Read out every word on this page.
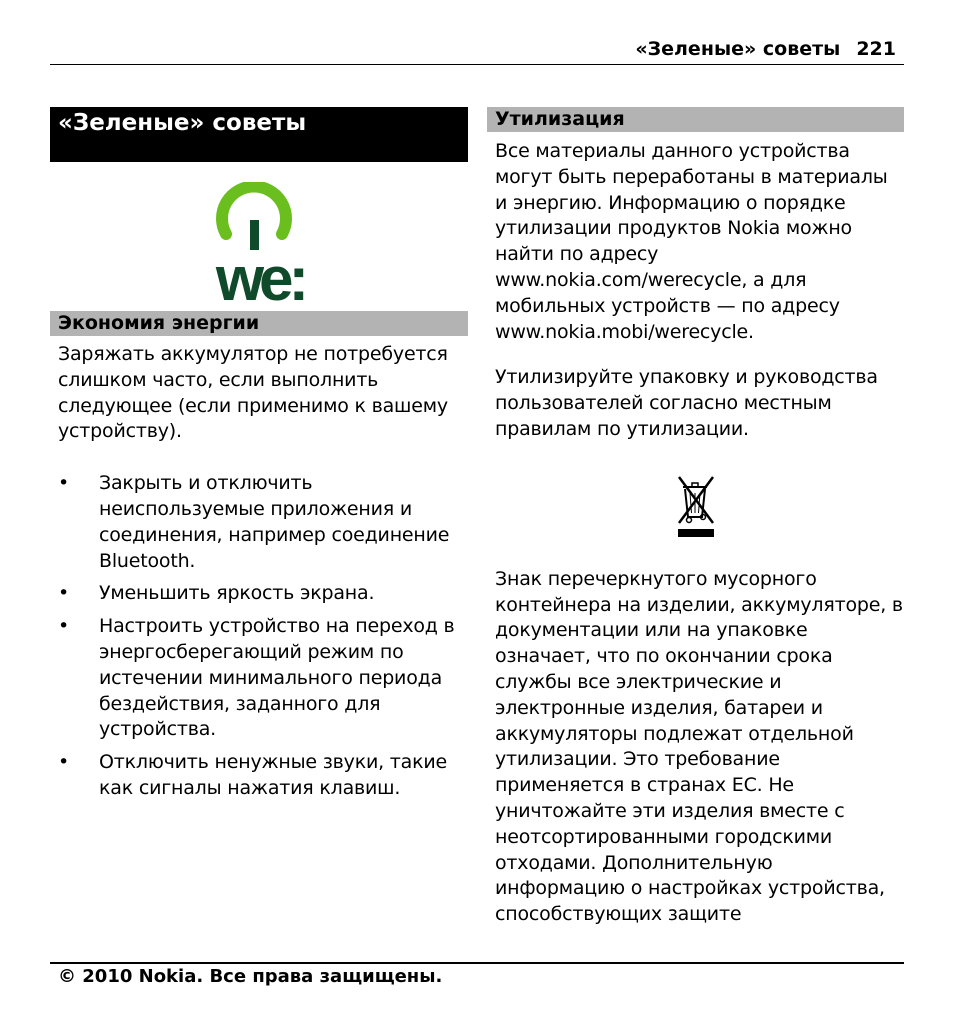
«Зеленые» советы 221
«Зеленые» советы
we:
Экономия энергии

Заряжать аккумулятор не потребуется слишком часто, если выполнить следующее (если применимо к вашему устройству).

• Закрыть и отключить неиспользуемые приложения и соединения, например соединение Bluetooth.
• Уменьшить яркость экрана.
• Настроить устройство на переход в энергосберегающий режим по истечении минимального периода бездействия, заданного для устройства.
• Отключить ненужные звуки, такие как сигналы нажатия клавиш.
Утилизация

Все материалы данного устройства могут быть переработаны в материалы и энергию. Информацию о порядке утилизации продуктов Nokia можно найти по адресу www.nokia.com/werecycle, а для мобильных устройств — по адресу www.nokia.mobi/werecycle.

Утилизируйте упаковку и руководства пользователей согласно местным правилам по утилизации.

Знак перечеркнутого мусорного контейнера на изделии, аккумуляторе, в документации или на упаковке означает, что по окончании срока службы все электрические и электронные изделия, батареи и аккумуляторы подлежат отдельной утилизации. Это требование применяется в странах ЕС. Не уничтожайте эти изделия вместе с неотсортированными городскими отходами. Дополнительную информацию о настройках устройства, способствующих защите

© 2010 Nokia. Все права защищены.
